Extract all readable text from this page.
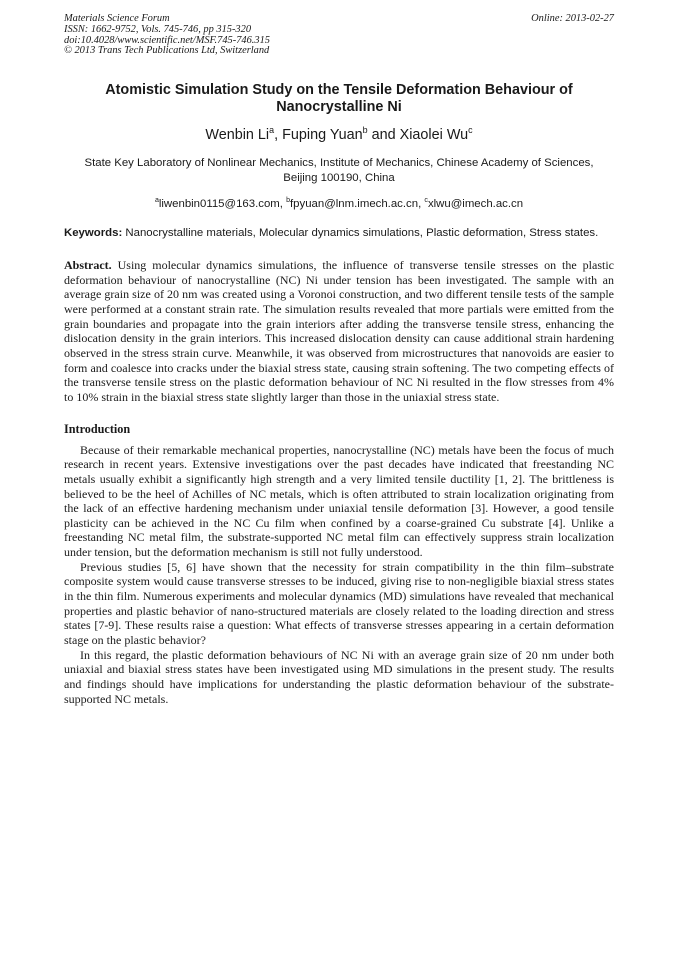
Materials Science Forum
ISSN: 1662-9752, Vols. 745-746, pp 315-320
doi:10.4028/www.scientific.net/MSF.745-746.315
© 2013 Trans Tech Publications Ltd, Switzerland
Online: 2013-02-27
Atomistic Simulation Study on the Tensile Deformation Behaviour of Nanocrystalline Ni
Wenbin Li$^a$, Fuping Yuan$^b$ and Xiaolei Wu$^c$
State Key Laboratory of Nonlinear Mechanics, Institute of Mechanics, Chinese Academy of Sciences, Beijing 100190, China
$^a$liwenbin0115@163.com, $^b$fpyuan@lnm.imech.ac.cn, $^c$xlwu@imech.ac.cn
Keywords: Nanocrystalline materials, Molecular dynamics simulations, Plastic deformation, Stress states.
Abstract. Using molecular dynamics simulations, the influence of transverse tensile stresses on the plastic deformation behaviour of nanocrystalline (NC) Ni under tension has been investigated. The sample with an average grain size of 20 nm was created using a Voronoi construction, and two different tensile tests of the sample were performed at a constant strain rate. The simulation results revealed that more partials were emitted from the grain boundaries and propagate into the grain interiors after adding the transverse tensile stress, enhancing the dislocation density in the grain interiors. This increased dislocation density can cause additional strain hardening observed in the stress strain curve. Meanwhile, it was observed from microstructures that nanovoids are easier to form and coalesce into cracks under the biaxial stress state, causing strain softening. The two competing effects of the transverse tensile stress on the plastic deformation behaviour of NC Ni resulted in the flow stresses from 4% to 10% strain in the biaxial stress state slightly larger than those in the uniaxial stress state.
Introduction

Because of their remarkable mechanical properties, nanocrystalline (NC) metals have been the focus of much research in recent years. Extensive investigations over the past decades have indicated that freestanding NC metals usually exhibit a significantly high strength and a very limited tensile ductility [1, 2]. The brittleness is believed to be the heel of Achilles of NC metals, which is often attributed to strain localization originating from the lack of an effective hardening mechanism under uniaxial tensile deformation [3]. However, a good tensile plasticity can be achieved in the NC Cu film when confined by a coarse-grained Cu substrate [4]. Unlike a freestanding NC metal film, the substrate-supported NC metal film can effectively suppress strain localization under tension, but the deformation mechanism is still not fully understood.

Previous studies [5, 6] have shown that the necessity for strain compatibility in the thin film–substrate composite system would cause transverse stresses to be induced, giving rise to non-negligible biaxial stress states in the thin film. Numerous experiments and molecular dynamics (MD) simulations have revealed that mechanical properties and plastic behavior of nano-structured materials are closely related to the loading direction and stress states [7-9]. These results raise a question: What effects of transverse stresses appearing in a certain deformation stage on the plastic behavior?

In this regard, the plastic deformation behaviours of NC Ni with an average grain size of 20 nm under both uniaxial and biaxial stress states have been investigated using MD simulations in the present study. The results and findings should have implications for understanding the plastic deformation behaviour of the substrate-supported NC metals.
